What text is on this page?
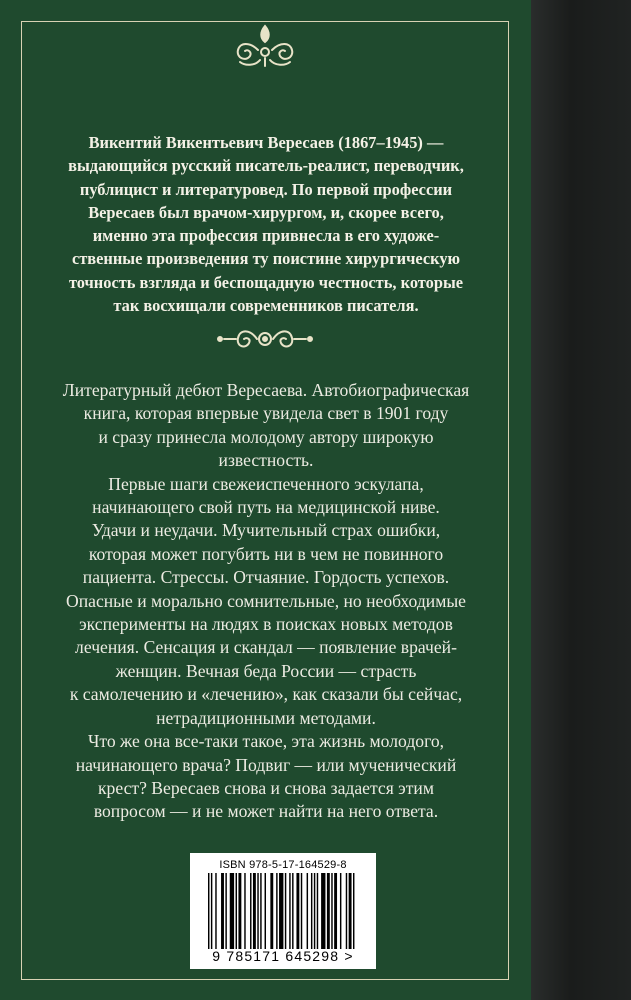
Викентий Викентьевич Вересаев (1867–1945) —
выдающийся русский писатель-реалист, переводчик,
публицист и литературовед. По первой профессии
Вересаев был врачом-хирургом, и, скорее всего,
именно эта профессия привнесла в его художе-
ственные произведения ту поистине хирургическую
точность взгляда и беспощадную честность, которые
так восхищали современников писателя.

Литературный дебют Вересаева. Автобиографическая

книга, которая впервые увидела свет в 1901 году

и сразу принесла молодому автору широкую

известность.

Первые шаги свежеиспеченного эскулапа,

начинающего свой путь на медицинской ниве.

Удачи и неудачи. Мучительный страх ошибки,

которая может погубить ни в чем не повинного

пациента. Стрессы. Отчаяние. Гордость успехов.

Опасные и морально сомнительные, но необходимые

эксперименты на людях в поисках новых методов

лечения. Сенсация и скандал — появление врачей-

женщин. Вечная беда России — страсть

к самолечению и «лечению», как сказали бы сейчас,

нетрадиционными методами.

Что же она все-таки такое, эта жизнь молодого,

начинающего врача? Подвиг — или мученический

крест? Вересаев снова и снова задается этим

вопросом — и не может найти на него ответа.

ISBN 978-5-17-164529-8
9 785171 645298 >
